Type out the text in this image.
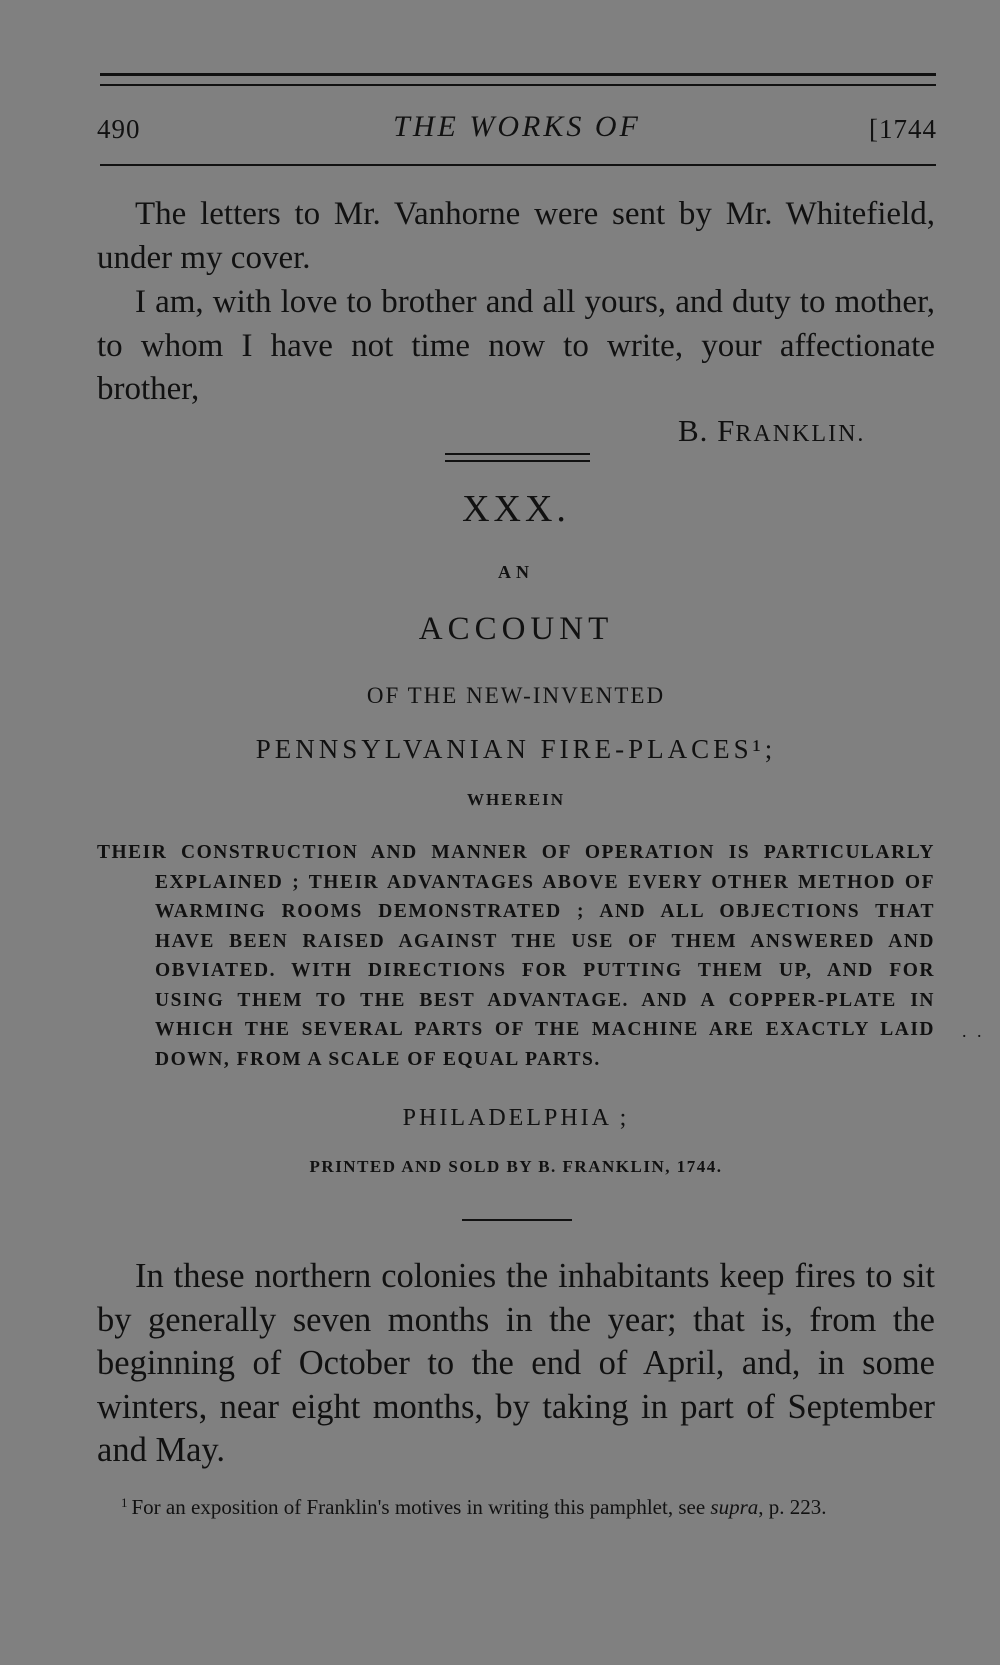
490	THE WORKS OF	[1744

The letters to Mr. Vanhorne were sent by Mr. Whitefield, under my cover.

I am, with love to brother and all yours, and duty to mother, to whom I have not time now to write, your affectionate brother,

B. FRANKLIN.
XXX.
AN
ACCOUNT
OF THE NEW-INVENTED
PENNSYLVANIAN FIRE-PLACES¹;
WHEREIN

THEIR CONSTRUCTION AND MANNER OF OPERATION IS PARTICULARLY EXPLAINED ; THEIR ADVANTAGES ABOVE EVERY OTHER METHOD OF WARMING ROOMS DEMONSTRATED ; AND ALL OBJECTIONS THAT HAVE BEEN RAISED AGAINST THE USE OF THEM ANSWERED AND OBVIATED. WITH DIRECTIONS FOR PUTTING THEM UP, AND FOR USING THEM TO THE BEST ADVANTAGE. AND A COPPER-PLATE IN WHICH THE SEVERAL PARTS OF THE MACHINE ARE EXACTLY LAID DOWN, FROM A SCALE OF EQUAL PARTS.

. .
PHILADELPHIA ;
PRINTED AND SOLD BY B. FRANKLIN, 1744.

In these northern colonies the inhabitants keep fires to sit by generally seven months in the year; that is, from the beginning of October to the end of April, and, in some winters, near eight months, by taking in part of September and May.

$^1$ For an exposition of Franklin's motives in writing this pamphlet, see supra, p. 223.
